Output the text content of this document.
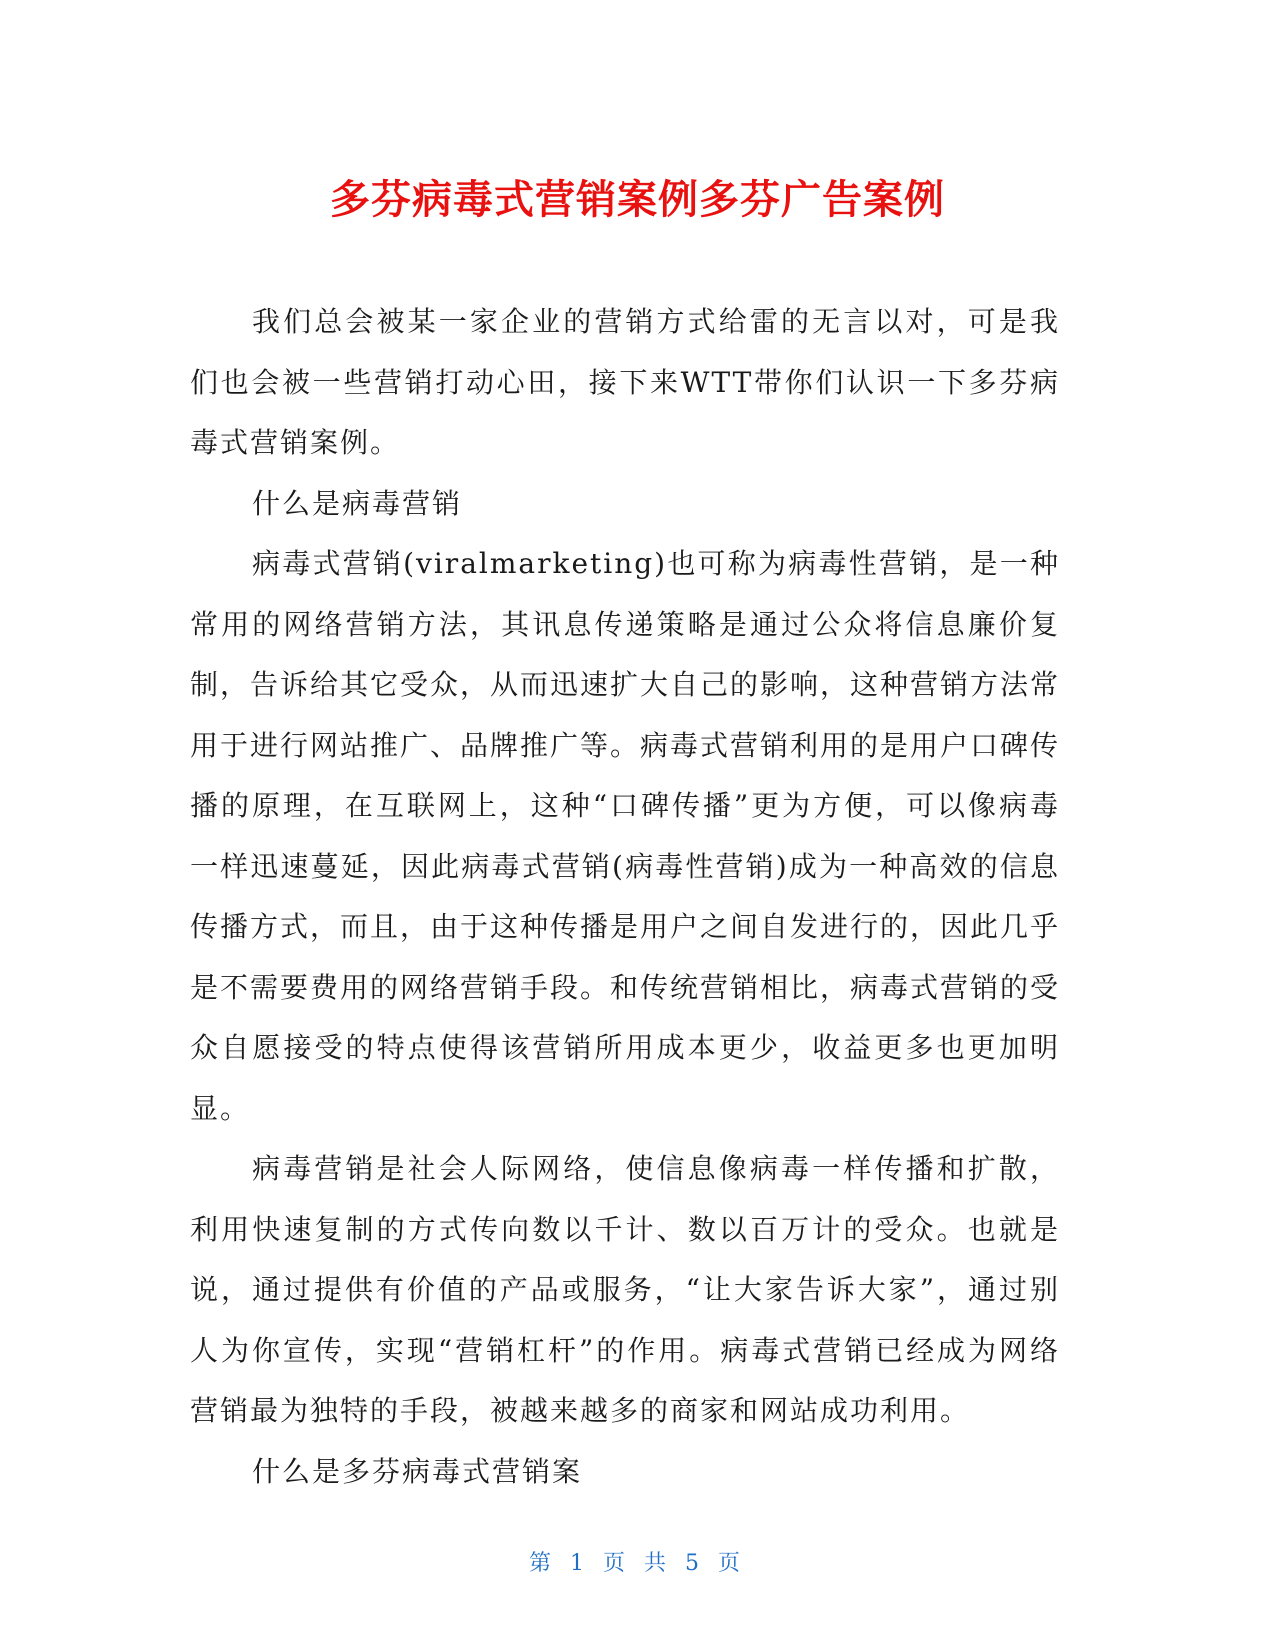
多芬病毒式营销案例多芬广告案例

我们总会被某一家企业的营销方式给雷的无言以对，可是我们也会被一些营销打动心田，接下来WTT带你们认识一下多芬病毒式营销案例。

什么是病毒营销

病毒式营销(viralmarketing)也可称为病毒性营销，是一种常用的网络营销方法，其讯息传递策略是通过公众将信息廉价复制，告诉给其它受众，从而迅速扩大自己的影响，这种营销方法常用于进行网站推广、品牌推广等。病毒式营销利用的是用户口碑传播的原理，在互联网上，这种“口碑传播”更为方便，可以像病毒一样迅速蔓延，因此病毒式营销(病毒性营销)成为一种高效的信息传播方式，而且，由于这种传播是用户之间自发进行的，因此几乎是不需要费用的网络营销手段。和传统营销相比，病毒式营销的受众自愿接受的特点使得该营销所用成本更少，收益更多也更加明显。

病毒营销是社会人际网络，使信息像病毒一样传播和扩散，利用快速复制的方式传向数以千计、数以百万计的受众。也就是说，通过提供有价值的产品或服务，“让大家告诉大家”，通过别人为你宣传，实现“营销杠杆”的作用。病毒式营销已经成为网络营销最为独特的手段，被越来越多的商家和网站成功利用。

什么是多芬病毒式营销案

第 1 页 共 5 页
